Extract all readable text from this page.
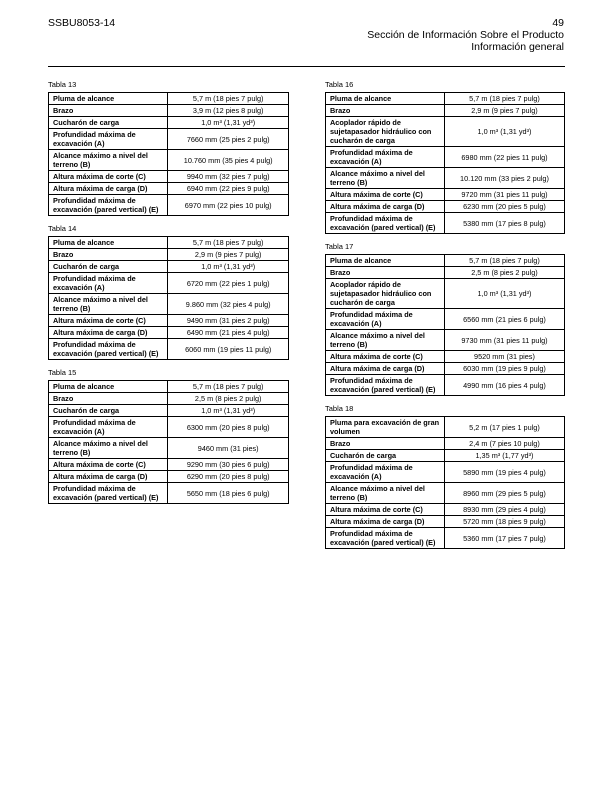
SSBU8053-14	49
Sección de Información Sobre el Producto
Información general
Tabla 13
Pluma de alcance	5,7 m (18 pies 7 pulg)
Brazo	3,9 m (12 pies 8 pulg)
Cucharón de carga	1,0 m³ (1,31 yd³)
Profundidad máxima de excavación (A)	7660 mm (25 pies 2 pulg)
Alcance máximo a nivel del terreno (B)	10.760 mm (35 pies 4 pulg)
Altura máxima de corte (C)	9940 mm (32 pies 7 pulg)
Altura máxima de carga (D)	6940 mm (22 pies 9 pulg)
Profundidad máxima de excavación (pared vertical) (E)	6970 mm (22 pies 10 pulg)
Tabla 14
Pluma de alcance	5,7 m (18 pies 7 pulg)
Brazo	2,9 m (9 pies 7 pulg)
Cucharón de carga	1,0 m³ (1,31 yd³)
Profundidad máxima de excavación (A)	6720 mm (22 pies 1 pulg)
Alcance máximo a nivel del terreno (B)	9.860 mm (32 pies 4 pulg)
Altura máxima de corte (C)	9490 mm (31 pies 2 pulg)
Altura máxima de carga (D)	6490 mm (21 pies 4 pulg)
Profundidad máxima de excavación (pared vertical) (E)	6060 mm (19 pies 11 pulg)
Tabla 15
Pluma de alcance	5,7 m (18 pies 7 pulg)
Brazo	2,5 m (8 pies 2 pulg)
Cucharón de carga	1,0 m³ (1,31 yd³)
Profundidad máxima de excavación (A)	6300 mm (20 pies 8 pulg)
Alcance máximo a nivel del terreno (B)	9460 mm (31 pies)
Altura máxima de corte (C)	9290 mm (30 pies 6 pulg)
Altura máxima de carga (D)	6290 mm (20 pies 8 pulg)
Profundidad máxima de excavación (pared vertical) (E)	5650 mm (18 pies 6 pulg)
Tabla 16
Pluma de alcance	5,7 m (18 pies 7 pulg)
Brazo	2,9 m (9 pies 7 pulg)
Acoplador rápido de sujetapasador hidráulico con cucharón de carga	1,0 m³ (1,31 yd³)
Profundidad máxima de excavación (A)	6980 mm (22 pies 11 pulg)
Alcance máximo a nivel del terreno (B)	10.120 mm (33 pies 2 pulg)
Altura máxima de corte (C)	9720 mm (31 pies 11 pulg)
Altura máxima de carga (D)	6230 mm (20 pies 5 pulg)
Profundidad máxima de excavación (pared vertical) (E)	5380 mm (17 pies 8 pulg)
Tabla 17
Pluma de alcance	5,7 m (18 pies 7 pulg)
Brazo	2,5 m (8 pies 2 pulg)
Acoplador rápido de sujetapasador hidráulico con cucharón de carga	1,0 m³ (1,31 yd³)
Profundidad máxima de excavación (A)	6560 mm (21 pies 6 pulg)
Alcance máximo a nivel del terreno (B)	9730 mm (31 pies 11 pulg)
Altura máxima de corte (C)	9520 mm (31 pies)
Altura máxima de carga (D)	6030 mm (19 pies 9 pulg)
Profundidad máxima de excavación (pared vertical) (E)	4990 mm (16 pies 4 pulg)
Tabla 18
Pluma para excavación de gran volumen	5,2 m (17 pies 1 pulg)
Brazo	2,4 m (7 pies 10 pulg)
Cucharón de carga	1,35 m³ (1,77 yd³)
Profundidad máxima de excavación (A)	5890 mm (19 pies 4 pulg)
Alcance máximo a nivel del terreno (B)	8960 mm (29 pies 5 pulg)
Altura máxima de corte (C)	8930 mm (29 pies 4 pulg)
Altura máxima de carga (D)	5720 mm (18 pies 9 pulg)
Profundidad máxima de excavación (pared vertical) (E)	5360 mm (17 pies 7 pulg)
